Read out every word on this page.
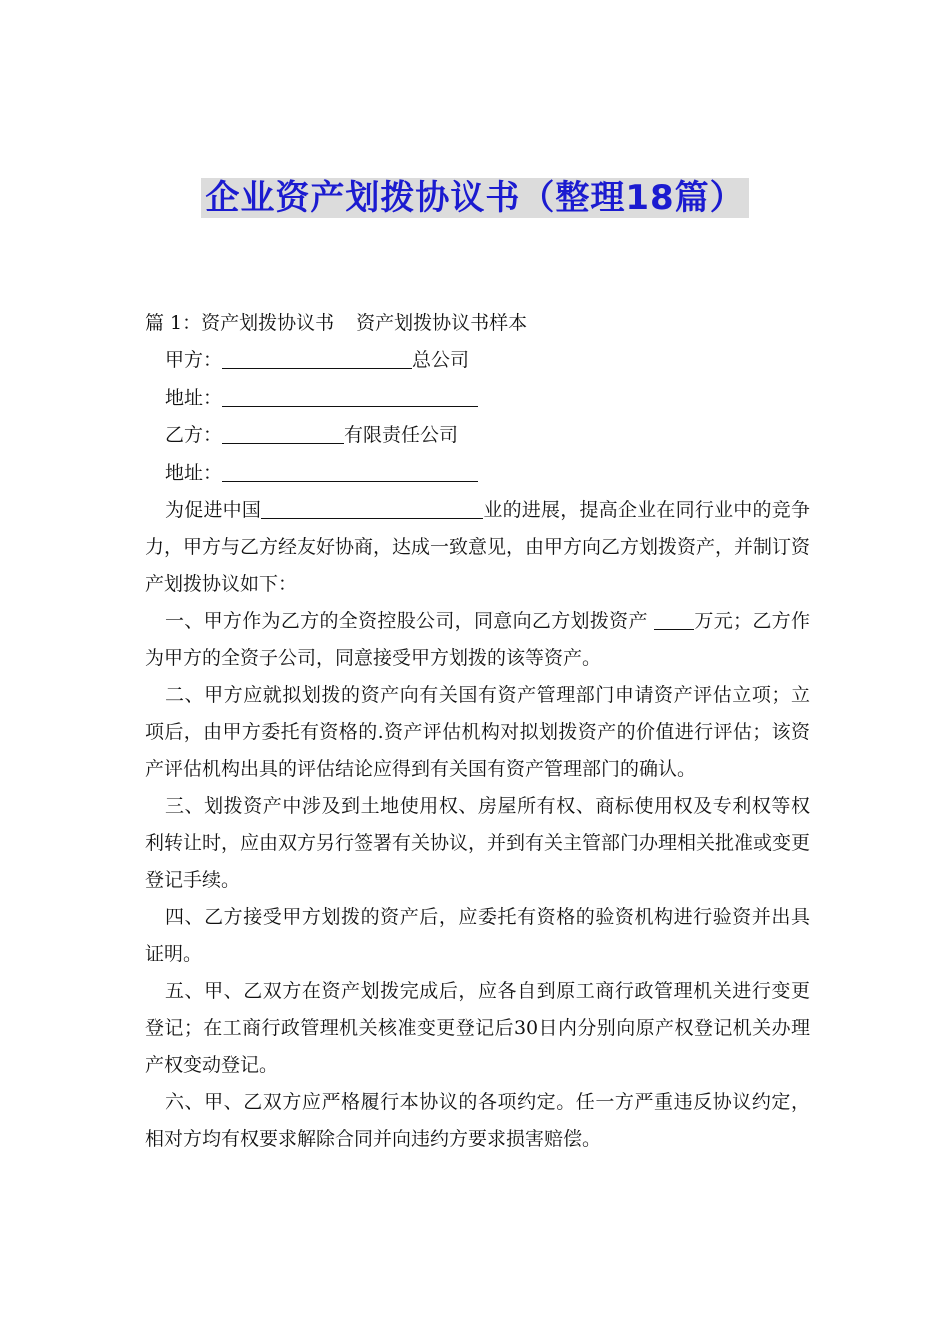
企业资产划拨协议书（整理18篇）
篇 1：资产划拨协议书 资产划拨协议书样本
甲方：	总公司
地址：
乙方：	有限责任公司
地址：

为促进中国	业的进展，提高企业在同行业中的竞争力，甲方与乙方经友好协商，达成一致意见，由甲方向乙方划拨资产，并制订资产划拨协议如下：

一、甲方作为乙方的全资控股公司，同意向乙方划拨资产 万元；乙方作为甲方的全资子公司，同意接受甲方划拨的该等资产。

二、甲方应就拟划拨的资产向有关国有资产管理部门申请资产评估立项；立项后，由甲方委托有资格的.资产评估机构对拟划拨资产的价值进行评估；该资产评估机构出具的评估结论应得到有关国有资产管理部门的确认。

三、划拨资产中涉及到土地使用权、房屋所有权、商标使用权及专利权等权利转让时，应由双方另行签署有关协议，并到有关主管部门办理相关批准或变更登记手续。

四、乙方接受甲方划拨的资产后，应委托有资格的验资机构进行验资并出具证明。

五、甲、乙双方在资产划拨完成后，应各自到原工商行政管理机关进行变更登记；在工商行政管理机关核准变更登记后30日内分别向原产权登记机关办理产权变动登记。

六、甲、乙双方应严格履行本协议的各项约定。任一方严重违反协议约定，相对方均有权要求解除合同并向违约方要求损害赔偿。
